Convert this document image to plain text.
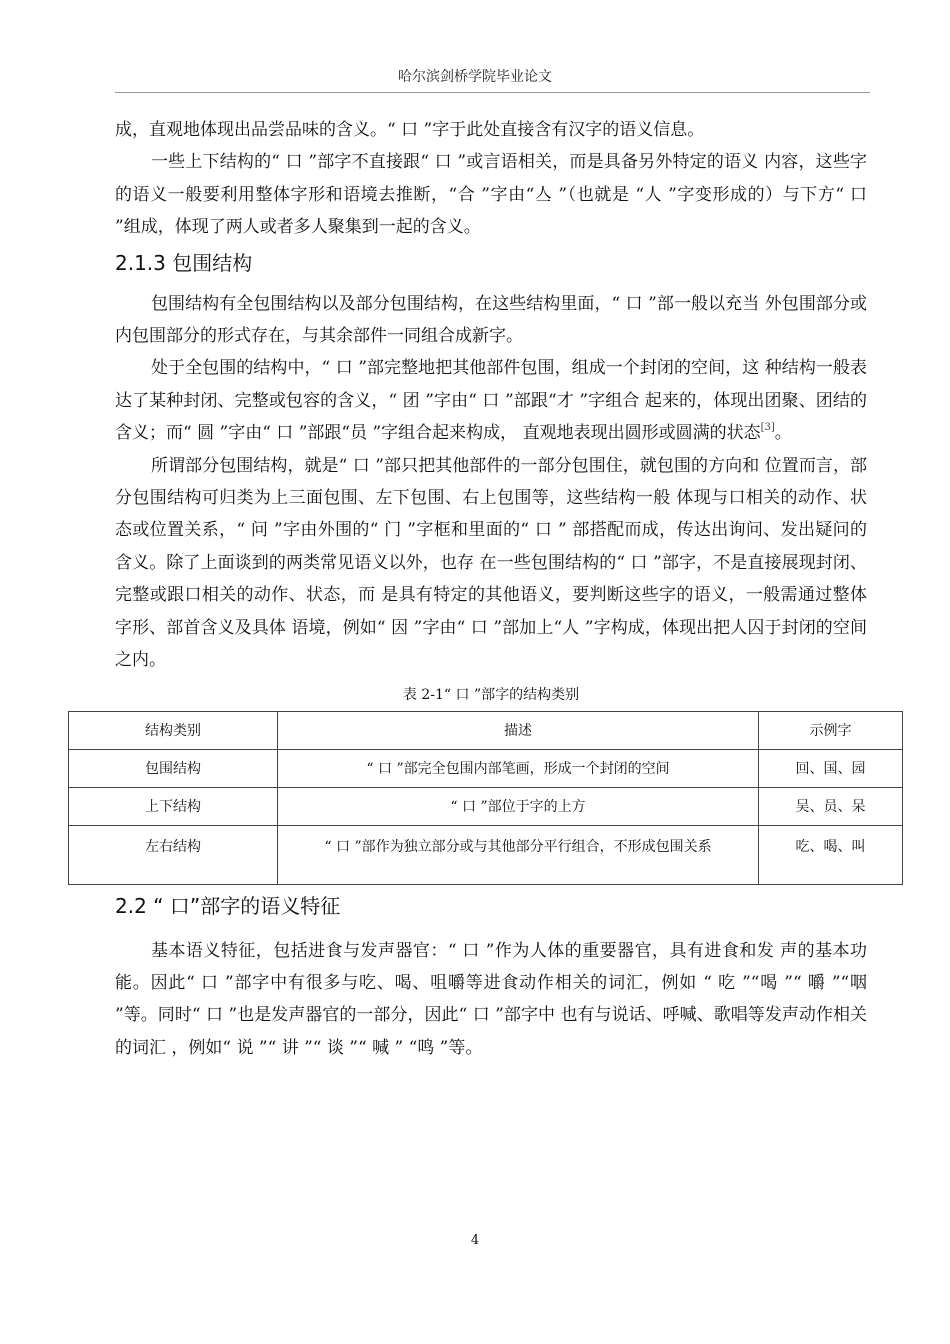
哈尔滨剑桥学院毕业论文

成，直观地体现出品尝品味的含义。“ 口 ”字于此处直接含有汉字的语义信息。

一些上下结构的“ 口 ”部字不直接跟“ 口 ”或言语相关，而是具备另外特定的语义 内容，这些字的语义一般要利用整体字形和语境去推断，“合 ”字由“亼 ”（也就是 “人 ”字变形成的）与下方“ 口 ”组成，体现了两人或者多人聚集到一起的含义。

2.1.3 包围结构

包围结构有全包围结构以及部分包围结构，在这些结构里面，“ 口 ”部一般以充当 外包围部分或内包围部分的形式存在，与其余部件一同组合成新字。

处于全包围的结构中，“ 口 ”部完整地把其他部件包围，组成一个封闭的空间，这 种结构一般表达了某种封闭、完整或包容的含义，“ 团 ”字由“ 口 ”部跟“才 ”字组合 起来的，体现出团聚、团结的含义；而“ 圆 ”字由“ 口 ”部跟“员 ”字组合起来构成， 直观地表现出圆形或圆满的状态[3]。

所谓部分包围结构，就是“ 口 ”部只把其他部件的一部分包围住，就包围的方向和 位置而言，部分包围结构可归类为上三面包围、左下包围、右上包围等，这些结构一般 体现与口相关的动作、状态或位置关系，“ 问 ”字由外围的“ 门 ”字框和里面的“ 口 ” 部搭配而成，传达出询问、发出疑问的含义。除了上面谈到的两类常见语义以外，也存 在一些包围结构的“ 口 ”部字，不是直接展现封闭、完整或跟口相关的动作、状态，而 是具有特定的其他语义，要判断这些字的语义，一般需通过整体字形、部首含义及具体 语境，例如“ 因 ”字由“ 口 ”部加上“人 ”字构成，体现出把人囚于封闭的空间之内。

表 2-1“ 口 ”部字的结构类别
结构类别	描述	示例字
包围结构	“ 口 ”部完全包围内部笔画，形成一个封闭的空间	回、国、园
上下结构	“ 口 ”部位于字的上方	吴、员、呆
左右结构	“ 口 ”部作为独立部分或与其他部分平行组合，不形成包围关系	吃、喝、叫
2.2 “ 口”部字的语义特征

基本语义特征，包括进食与发声器官：“ 口 ”作为人体的重要器官，具有进食和发 声的基本功能。因此“ 口 ”部字中有很多与吃、喝、咀嚼等进食动作相关的词汇，例如 “ 吃 ”“喝 ”“ 嚼 ”“咽 ”等。同时“ 口 ”也是发声器官的一部分，因此“ 口 ”部字中 也有与说话、呼喊、歌唱等发声动作相关的词汇 ，例如“ 说 ”“ 讲 ”“ 谈 ”“ 喊 ” “鸣 ”等。

4
